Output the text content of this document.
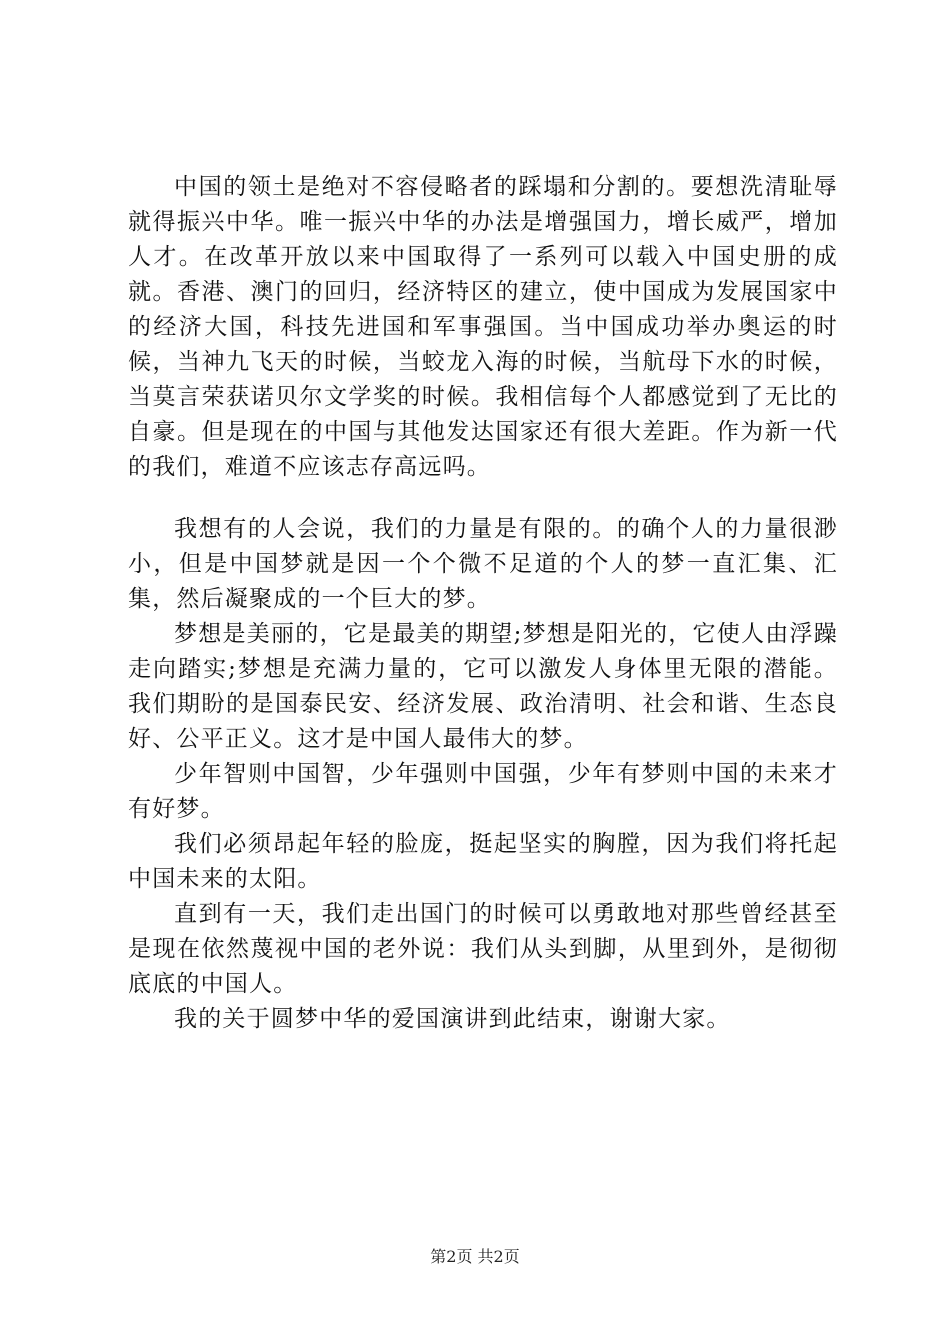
中国的领土是绝对不容侵略者的踩塌和分割的。要想洗清耻辱就得振兴中华。唯一振兴中华的办法是增强国力，增长威严，增加人才。在改革开放以来中国取得了一系列可以载入中国史册的成就。香港、澳门的回归，经济特区的建立，使中国成为发展国家中的经济大国，科技先进国和军事强国。当中国成功举办奥运的时候，当神九飞天的时候，当蛟龙入海的时候，当航母下水的时候，当莫言荣获诺贝尔文学奖的时候。我相信每个人都感觉到了无比的自豪。但是现在的中国与其他发达国家还有很大差距。作为新一代的我们，难道不应该志存高远吗。

我想有的人会说，我们的力量是有限的。的确个人的力量很渺小，但是中国梦就是因一个个微不足道的个人的梦一直汇集、汇集，然后凝聚成的一个巨大的梦。

梦想是美丽的，它是最美的期望;梦想是阳光的，它使人由浮躁走向踏实;梦想是充满力量的，它可以激发人身体里无限的潜能。我们期盼的是国泰民安、经济发展、政治清明、社会和谐、生态良好、公平正义。这才是中国人最伟大的梦。

少年智则中国智，少年强则中国强，少年有梦则中国的未来才有好梦。

我们必须昂起年轻的脸庞，挺起坚实的胸膛，因为我们将托起中国未来的太阳。

直到有一天，我们走出国门的时候可以勇敢地对那些曾经甚至是现在依然蔑视中国的老外说：我们从头到脚，从里到外，是彻彻底底的中国人。

我的关于圆梦中华的爱国演讲到此结束，谢谢大家。

第2页 共2页
